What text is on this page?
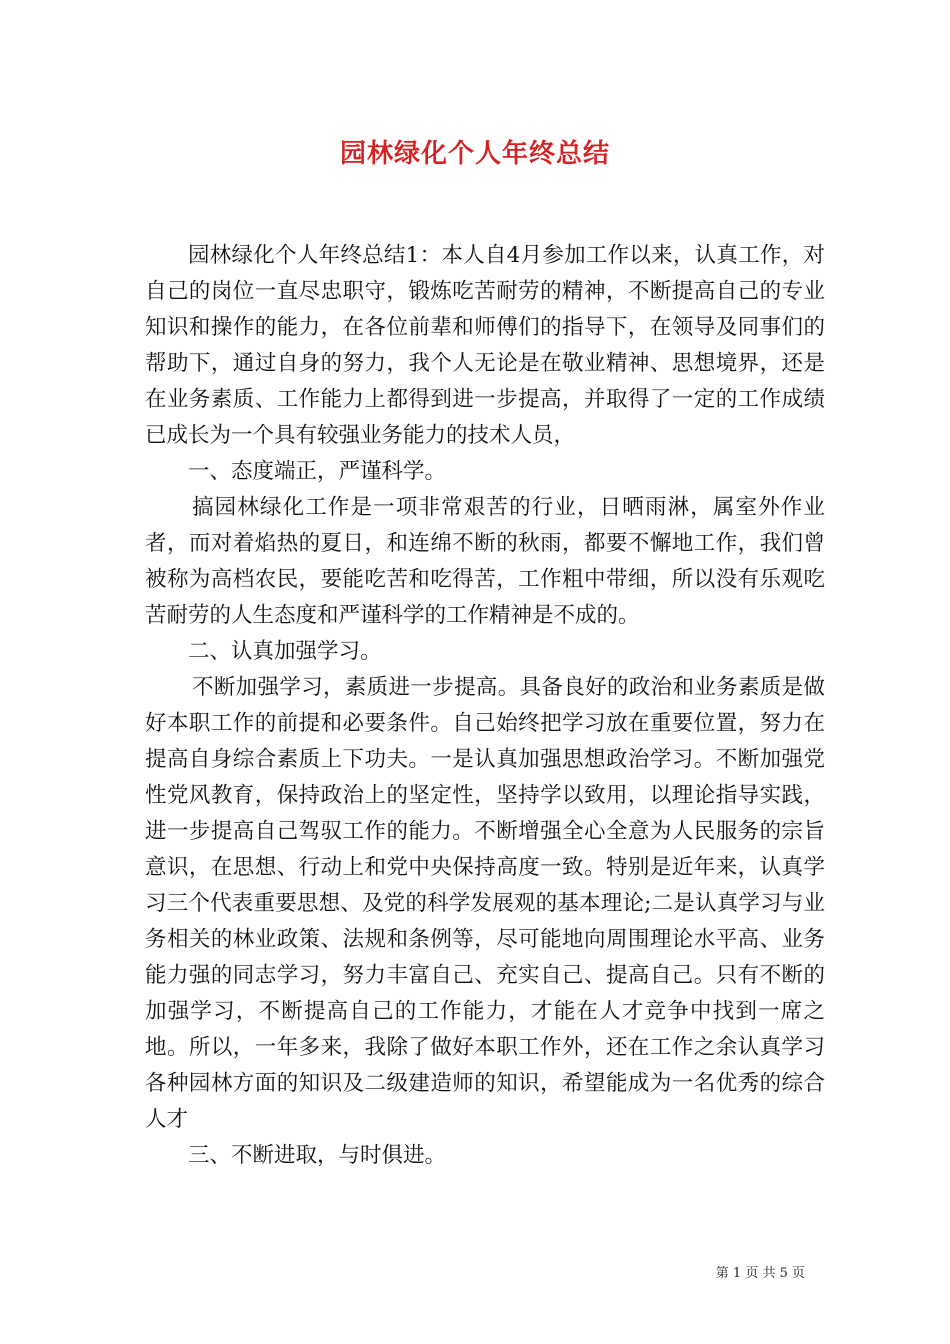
园林绿化个人年终总结

园林绿化个人年终总结1：本人自4月参加工作以来，认真工作，对自己的岗位一直尽忠职守，锻炼吃苦耐劳的精神，不断提高自己的专业知识和操作的能力，在各位前辈和师傅们的指导下，在领导及同事们的帮助下，通过自身的努力，我个人无论是在敬业精神、思想境界，还是在业务素质、工作能力上都得到进一步提高，并取得了一定的工作成绩已成长为一个具有较强业务能力的技术人员，

一、态度端正，严谨科学。

搞园林绿化工作是一项非常艰苦的行业，日晒雨淋，属室外作业者，而对着焰热的夏日，和连绵不断的秋雨，都要不懈地工作，我们曾被称为高档农民，要能吃苦和吃得苦，工作粗中带细，所以没有乐观吃苦耐劳的人生态度和严谨科学的工作精神是不成的。

二、认真加强学习。

不断加强学习，素质进一步提高。具备良好的政治和业务素质是做好本职工作的前提和必要条件。自己始终把学习放在重要位置，努力在提高自身综合素质上下功夫。一是认真加强思想政治学习。不断加强党性党风教育，保持政治上的坚定性，坚持学以致用，以理论指导实践，进一步提高自己驾驭工作的能力。不断增强全心全意为人民服务的宗旨意识，在思想、行动上和党中央保持高度一致。特别是近年来，认真学习三个代表重要思想、及党的科学发展观的基本理论;二是认真学习与业务相关的林业政策、法规和条例等，尽可能地向周围理论水平高、业务能力强的同志学习，努力丰富自己、充实自己、提高自己。只有不断的加强学习，不断提高自己的工作能力，才能在人才竞争中找到一席之地。所以，一年多来，我除了做好本职工作外，还在工作之余认真学习各种园林方面的知识及二级建造师的知识，希望能成为一名优秀的综合人才

三、不断进取，与时俱进。

第 1 页 共 5 页
